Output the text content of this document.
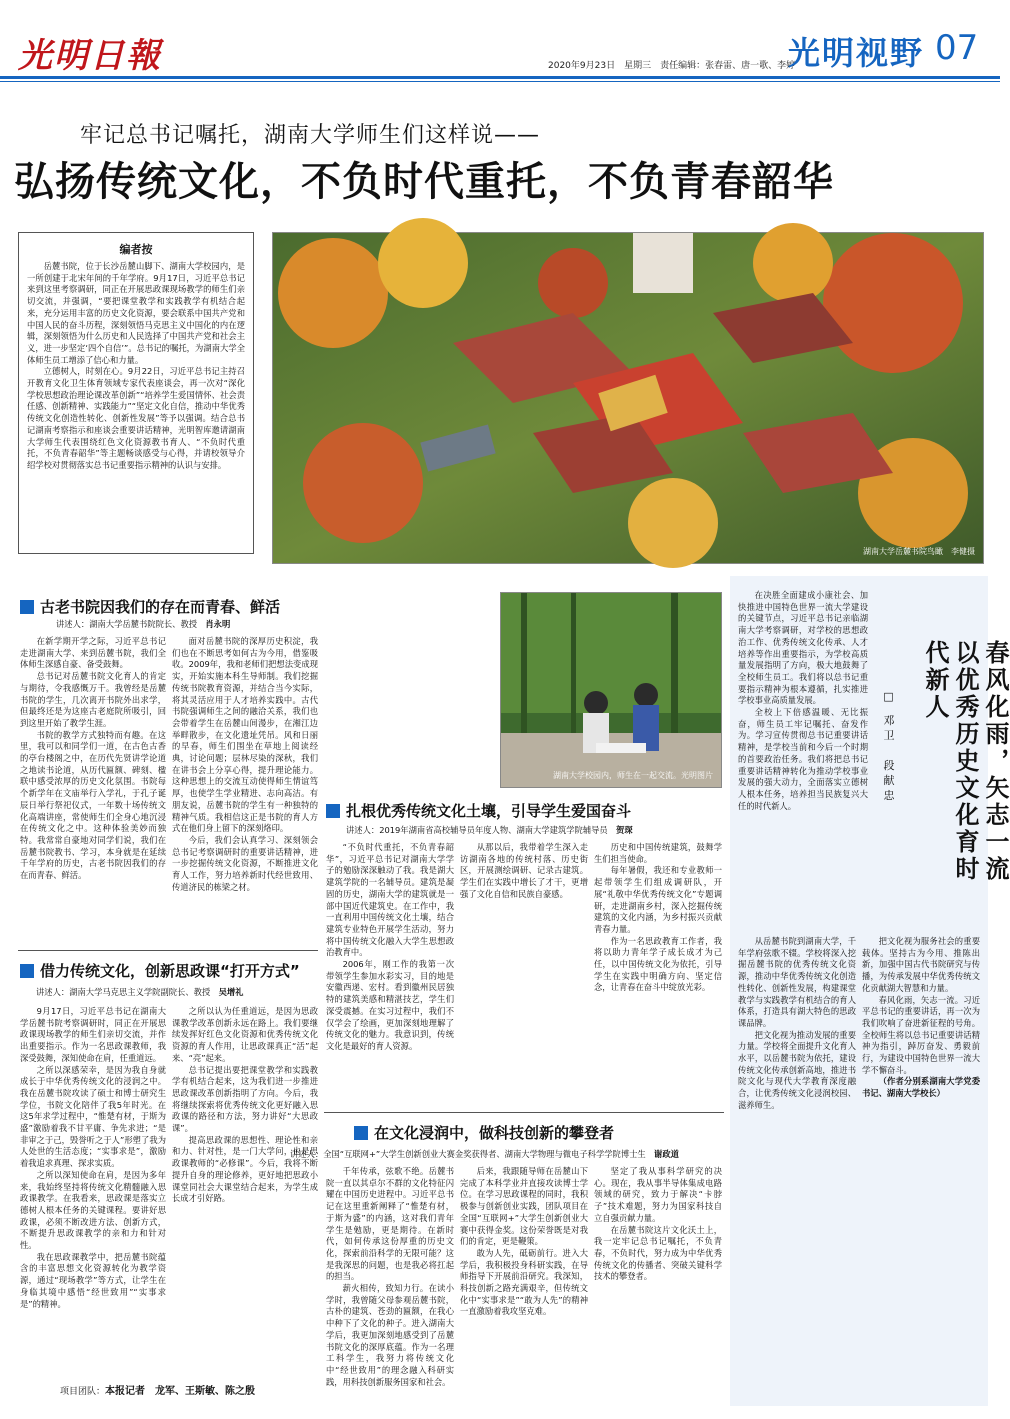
光明日報	2020年9月23日　星期三　责任编辑：张春雷、唐一歌、李婷
光明视野 07
牢记总书记嘱托，湖南大学师生们这样说——
弘扬传统文化，不负时代重托，不负青春韶华
编者按

岳麓书院，位于长沙岳麓山脚下、湖南大学校园内，是一所创建于北宋年间的千年学府。9月17日，习近平总书记来到这里考察调研，同正在开展思政课现场教学的师生们亲切交流，并强调，“要把课堂教学和实践教学有机结合起来，充分运用丰富的历史文化资源，要会联系中国共产党和中国人民的奋斗历程，深刻领悟马克思主义中国化的内在逻辑，深刻领悟为什么历史和人民选择了中国共产党和社会主义，进一步坚定‘四个自信’”。总书记的嘱托，为湖南大学全体师生员工增添了信心和力量。

立德树人，时刻在心。9月22日，习近平总书记主持召开教育文化卫生体育领域专家代表座谈会，再一次对“深化学校思想政治理论课改革创新”“培养学生爱国情怀、社会责任感、创新精神、实践能力”“坚定文化自信，推动中华优秀传统文化创造性转化、创新性发展”等予以强调。结合总书记湖南考察指示和座谈会重要讲话精神，光明智库邀请湖南大学师生代表围绕红色文化资源教书育人、“不负时代重托，不负青春韶华”等主题畅谈感受与心得，并请校领导介绍学校对贯彻落实总书记重要指示精神的认识与安排。

湖南大学岳麓书院鸟瞰　李健摄
古老书院因我们的存在而青春、鲜活
讲述人：湖南大学岳麓书院院长、教授　 肖永明

在新学期开学之际，习近平总书记走进湖南大学、来到岳麓书院，我们全体师生深感自豪、备受鼓舞。

总书记对岳麓书院文化育人的肯定与期待，令我感慨万千。我曾经是岳麓书院的学生，几次离开书院外出求学，但最终还是为这座古老庭院所吸引，回到这里开始了教学生涯。

书院的教学方式独特而有趣。在这里，我可以和同学们一道，在古色古香的亭台楼阁之中，在历代先贤讲学论道之地读书论道，从历代匾额、碑刻、楹联中感受浓厚的历史文化氛围。书院每个新学年在文庙举行入学礼，于孔子诞辰日举行祭祀仪式，一年数十场传统文化高端讲座，常使师生们全身心地沉浸在传统文化之中。这种体验美妙而独特。我常常自豪地对同学们说，我们在岳麓书院教书、学习，本身就是在延续千年学府的历史，古老书院因我们的存在而青春、鲜活。

面对岳麓书院的深厚历史积淀，我们也在不断思考如何古为今用，借鉴吸收。2009年，我和老师们把想法变成现实，开始实施本科生导师制。我们挖掘传统书院教育资源，并结合当今实际，将其灵活应用于人才培养实践中。古代书院强调师生之间的融洽关系，我们也会带着学生在岳麓山间漫步，在湘江边举畔散步，在文化遗址凭吊。风和日丽的早春，师生们围坐在草地上阅读经典，讨论问题；层林尽染的深秋，我们在讲书会上分享心得，提升理论能力。这种思想上的交流互动使得师生情谊笃厚，也使学生学业精进、志向高洁。有朋友说，岳麓书院的学生有一种独特的精神气质。我相信这正是书院的育人方式在他们身上留下的深刻烙印。

今后，我们会认真学习、深刻领会总书记考察调研时的重要讲话精神，进一步挖掘传统文化资源，不断推进文化育人工作，努力培养新时代经世致用、传道济民的栋梁之材。

借力传统文化，创新思政课“打开方式”
讲述人：湖南大学马克思主义学院副院长、教授　 吴增礼

9月17日，习近平总书记在湖南大学岳麓书院考察调研时，同正在开展思政课现场教学的师生们亲切交流，并作出重要指示。作为一名思政课教师，我深受鼓舞，深知使命在肩，任重道远。

之所以深感荣幸，是因为我自身就成长于中华优秀传统文化的浸润之中。我在岳麓书院攻读了硕士和博士研究生学位，书院文化陪伴了我5年时光。在这5年求学过程中，“惟楚有材，于斯为盛”激励着我不甘平庸、争先求进；“是非审之于己，毁誉听之于人”形塑了我为人处世的生活态度；“实事求是”，激励着我追求真理、探求实质。

之所以深知使命在肩，是因为多年来，我始终坚持将传统文化精髓融入思政课教学。在我看来，思政课是落实立德树人根本任务的关键课程。要讲好思政课，必须不断改进方法、创新方式，不断提升思政课教学的亲和力和针对性。

我在思政课教学中，把岳麓书院蕴含的丰富思想文化资源转化为教学资源，通过“现场教学”等方式，让学生在身临其境中感悟“经世致用”“实事求是”的精神。

之所以认为任重道远，是因为思政课教学改革创新永远在路上。我们要继续发挥好红色文化资源和优秀传统文化资源的育人作用，让思政课真正“活”起来、“亮”起来。

总书记提出要把课堂教学和实践教学有机结合起来，这为我们进一步推进思政课改革创新指明了方向。今后，我将继续探索将优秀传统文化更好融入思政课的路径和方法，努力讲好“大思政课”。

提高思政课的思想性、理论性和亲和力、针对性，是一门大学问，也是思政课教师的“必修课”。今后，我将不断提升自身的理论修养，更好地把思政小课堂同社会大课堂结合起来，为学生成长成才引好路。

湖南大学校园内，师生在一起交流。光明图片
扎根优秀传统文化土壤，引导学生爱国奋斗
讲述人：2019年湖南省高校辅导员年度人物、湖南大学建筑学院辅导员　 贺琛

“不负时代重托，不负青春韶华”，习近平总书记对湖南大学学子的勉励深深触动了我。我是湖大建筑学院的一名辅导员。建筑是凝固的历史，湖南大学的建筑就是一部中国近代建筑史。在工作中，我一直利用中国传统文化土壤，结合建筑专业特色开展学生活动，努力将中国传统文化融入大学生思想政治教育中。

2006年，刚工作的我第一次带领学生参加水彩实习，目的地是安徽西递、宏村。看到徽州民居独特的建筑美感和精湛技艺，学生们深受震撼。在实习过程中，我们不仅学会了绘画，更加深刻地理解了传统文化的魅力。我意识到，传统文化是最好的育人资源。

从那以后，我带着学生深入走访湖南各地的传统村落、历史街区，开展测绘调研、记录古建筑。学生们在实践中增长了才干，更增强了文化自信和民族自豪感。

历史和中国传统建筑，鼓舞学生们担当使命。

每年暑假，我还和专业教师一起带领学生们组成调研队，开展“礼敬中华优秀传统文化”专题调研，走进湖南乡村，深入挖掘传统建筑的文化内涵，为乡村振兴贡献青春力量。

作为一名思政教育工作者，我将以助力青年学子成长成才为己任，以中国传统文化为依托，引导学生在实践中明确方向、坚定信念，让青春在奋斗中绽放光彩。

在文化浸润中，做科技创新的攀登者
讲述人：全国“互联网+”大学生创新创业大赛金奖获得者、湖南大学物理与微电子科学学院博士生　 谢政道

千年传承，弦歌不绝。岳麓书院一直以其卓尔不群的文化特征闪耀在中国历史进程中。习近平总书记在这里重新阐释了“惟楚有材，于斯为盛”的内涵，这对我们青年学生是勉励，更是期待。在新时代，如何传承这份厚重的历史文化，探索前沿科学的无限可能？这是我深思的问题，也是我必将扛起的担当。

薪火相传，致知力行。在读小学时，我曾随父母参观岳麓书院，古朴的建筑、苍劲的匾额，在我心中种下了文化的种子。进入湖南大学后，我更加深刻地感受到了岳麓书院文化的深厚底蕴。作为一名理工科学生，我努力将传统文化中“经世致用”的理念融入科研实践，用科技创新服务国家和社会。

后来，我跟随导师在岳麓山下完成了本科学业并直接攻读博士学位。在学习思政课程的同时，我积极参与创新创业实践，团队项目在全国“互联网+”大学生创新创业大赛中获得金奖。这份荣誉既是对我们的肯定，更是鞭策。

敢为人先，砥砺前行。进入大学后，我积极投身科研实践，在导师指导下开展前沿研究。我深知，科技创新之路充满艰辛，但传统文化中“实事求是”“敢为人先”的精神一直激励着我攻坚克难。

坚定了我从事科学研究的决心。现在，我从事半导体集成电路领域的研究，致力于解决“卡脖子”技术难题，努力为国家科技自立自强贡献力量。

在岳麓书院这片文化沃土上，我一定牢记总书记嘱托，不负青春，不负时代，努力成为中华优秀传统文化的传播者、突破关键科学技术的攀登者。

春风化雨，矢志一流 以优秀历史文化育时代新人
□ 邓卫　段献忠

在决胜全面建成小康社会、加快推进中国特色世界一流大学建设的关键节点，习近平总书记亲临湖南大学考察调研，对学校的思想政治工作、优秀传统文化传承、人才培养等作出重要指示，为学校高质量发展指明了方向，极大地鼓舞了全校师生员工。我们将以总书记重要指示精神为根本遵循，扎实推进学校事业高质量发展。

全校上下倍感温暖、无比振奋，师生员工牢记嘱托、奋发作为。学习宣传贯彻总书记重要讲话精神，是学校当前和今后一个时期的首要政治任务。我们将把总书记重要讲话精神转化为推动学校事业发展的强大动力，全面落实立德树人根本任务，培养担当民族复兴大任的时代新人。

从岳麓书院到湖南大学，千年学府弦歌不辍。学校将深入挖掘岳麓书院的优秀传统文化资源，推动中华优秀传统文化创造性转化、创新性发展，构建课堂教学与实践教学有机结合的育人体系，打造具有湖大特色的思政课品牌。

把文化视为推动发展的重要力量。学校将全面提升文化育人水平，以岳麓书院为依托，建设传统文化传承创新高地，推进书院文化与现代大学教育深度融合，让优秀传统文化浸润校园、滋养师生。

把文化视为服务社会的重要载体。坚持古为今用、推陈出新，加强中国古代书院研究与传播，为传承发展中华优秀传统文化贡献湖大智慧和力量。

春风化雨，矢志一流。习近平总书记的重要讲话，再一次为我们吹响了奋进新征程的号角。全校师生将以总书记重要讲话精神为指引，踔厉奋发、勇毅前行，为建设中国特色世界一流大学不懈奋斗。

（作者分别系湖南大学党委书记、湖南大学校长）

项目团队：本报记者　龙军、王斯敏、陈之殷
